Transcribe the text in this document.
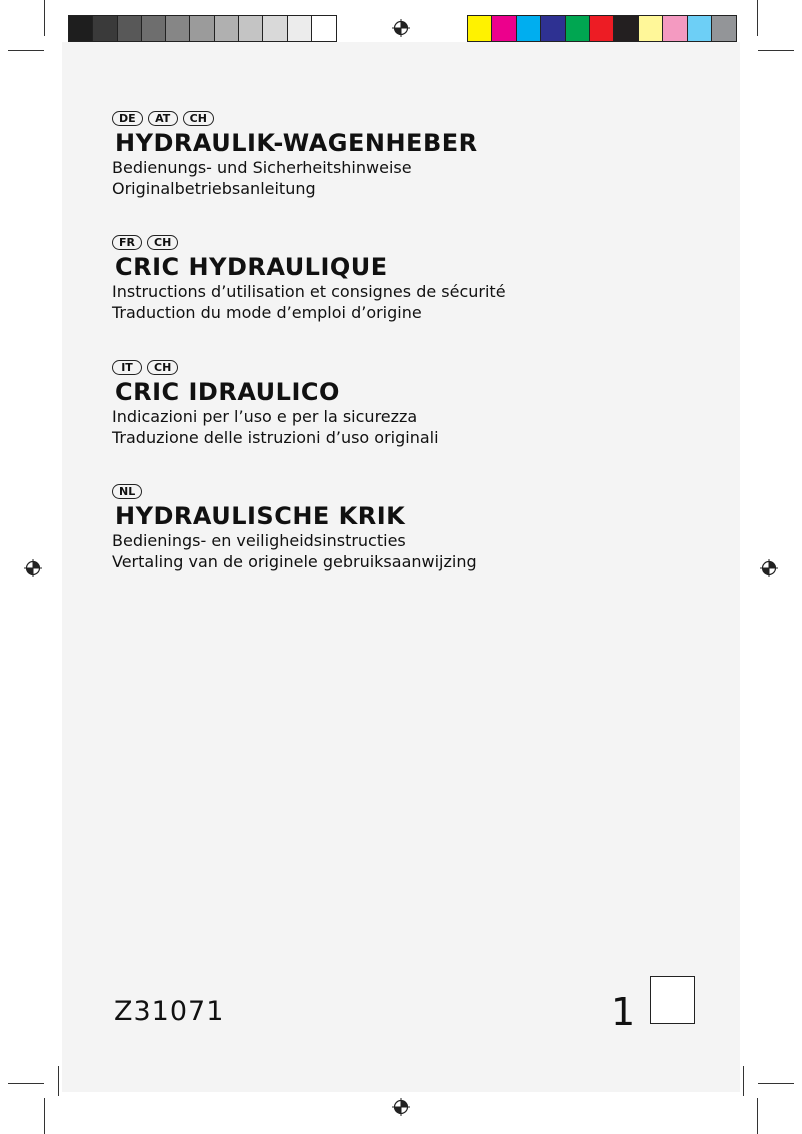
DE	AT	CH

HYDRAULIK-WAGENHEBER

Bedienungs- und Sicherheitshinweise

Originalbetriebsanleitung

FR	CH

CRIC HYDRAULIQUE

Instructions d’utilisation et consignes de sécurité

Traduction du mode d’emploi d’origine

IT	CH

CRIC IDRAULICO

Indicazioni per l’uso e per la sicurezza

Traduzione delle istruzioni d’uso originali

NL

HYDRAULISCHE KRIK

Bedienings- en veiligheidsinstructies

Vertaling van de originele gebruiksaanwijzing

Z31071	1
